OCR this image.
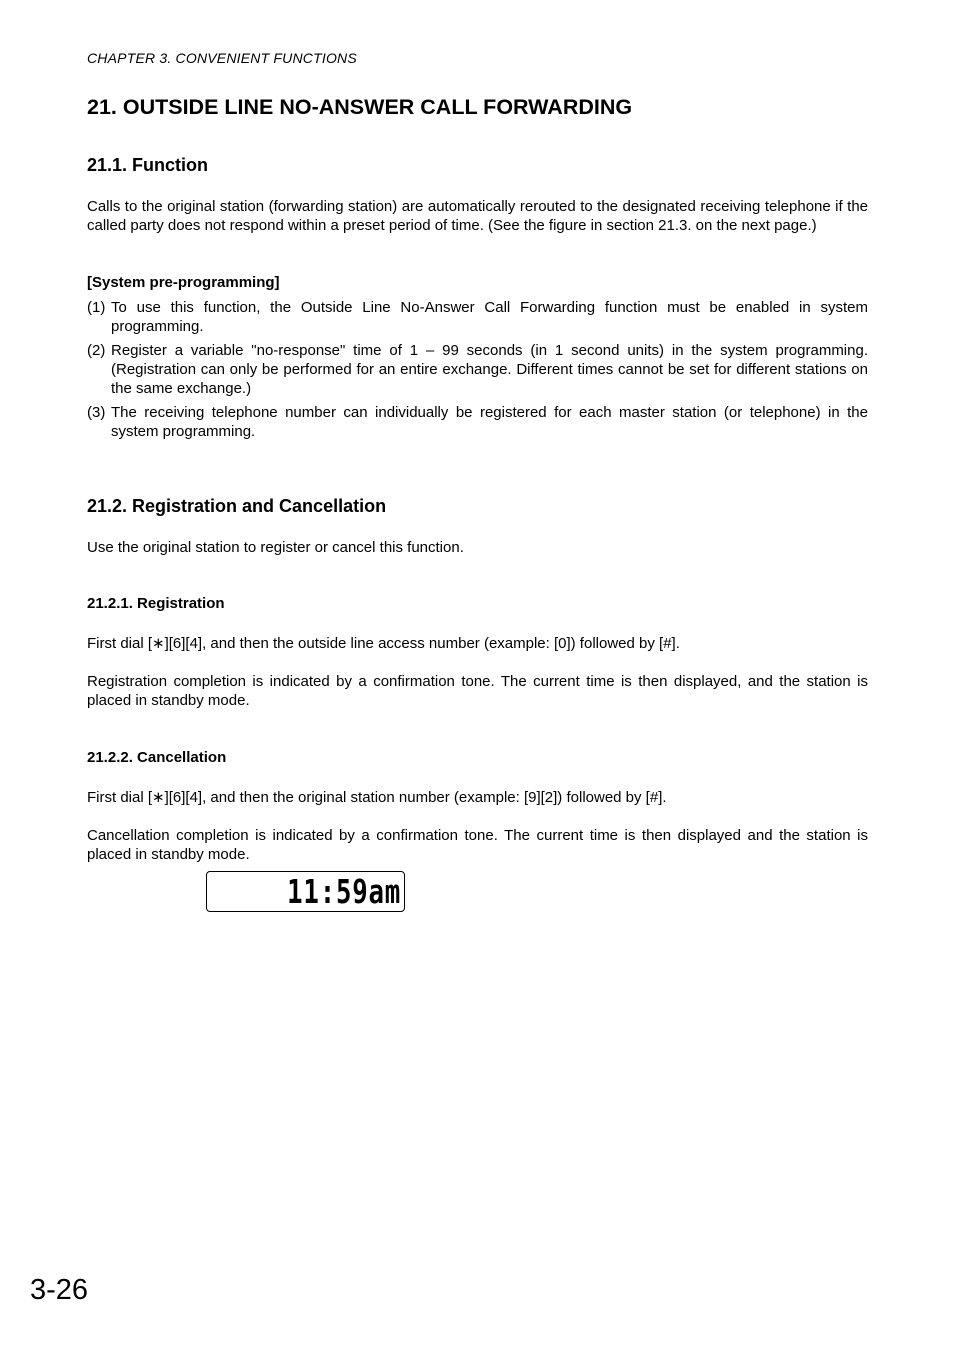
CHAPTER 3. CONVENIENT FUNCTIONS
21. OUTSIDE LINE NO-ANSWER CALL FORWARDING
21.1. Function

Calls to the original station (forwarding station) are automatically rerouted to the designated receiving telephone if the called party does not respond within a preset period of time. (See the figure in section 21.3. on the next page.)

[System pre-programming]
(1) To use this function, the Outside Line No-Answer Call Forwarding function must be enabled in system programming.
(2) Register a variable "no-response" time of 1 – 99 seconds (in 1 second units) in the system programming. (Registration can only be performed for an entire exchange. Different times cannot be set for different stations on the same exchange.)
(3) The receiving telephone number can individually be registered for each master station (or telephone) in the system programming.
21.2. Registration and Cancellation

Use the original station to register or cancel this function.

21.2.1. Registration

First dial [∗][6][4], and then the outside line access number (example: [0]) followed by [#].

Registration completion is indicated by a confirmation tone. The current time is then displayed, and the station is placed in standby mode.

21.2.2. Cancellation

First dial [∗][6][4], and then the original station number (example: [9][2]) followed by [#].

Cancellation completion is indicated by a confirmation tone. The current time is then displayed and the station is placed in standby mode.

11:59am
3-26
